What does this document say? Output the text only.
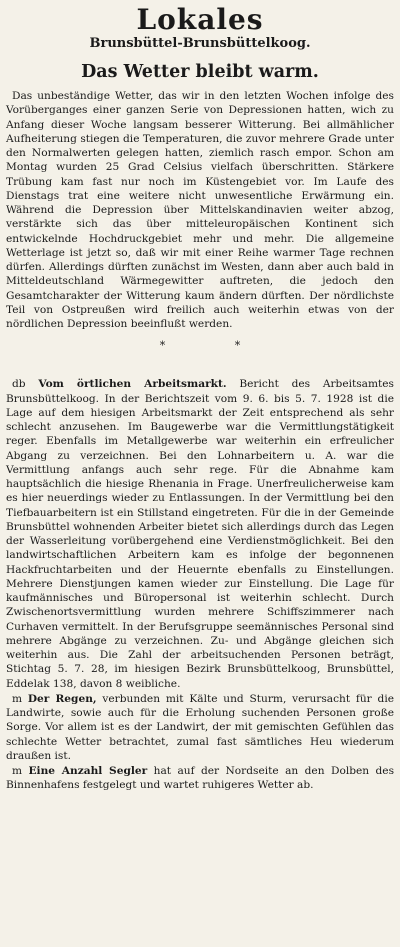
Lokales
Brunsbüttel-Brunsbüttelkoog.
Das Wetter bleibt warm.

Das unbeständige Wetter, das wir in den letzten Wochen infolge des Vorüberganges einer ganzen Serie von Depressionen hatten, wich zu Anfang dieser Woche langsam besserer Witterung. Bei allmählicher Aufheiterung stiegen die Temperaturen, die zuvor mehrere Grade unter den Normalwerten gelegen hatten, ziemlich rasch empor. Schon am Montag wurden 25 Grad Celsius vielfach überschritten. Stärkere Trübung kam fast nur noch im Küstengebiet vor. Im Laufe des Dienstags trat eine weitere nicht unwesentliche Erwärmung ein. Während die Depression über Mittelskandinavien weiter abzog, verstärkte sich das über mitteleuropäischen Kontinent sich entwickelnde Hochdruckgebiet mehr und mehr. Die allgemeine Wetterlage ist jetzt so, daß wir mit einer Reihe warmer Tage rechnen dürfen. Allerdings dürften zunächst im Westen, dann aber auch bald in Mitteldeutschland Wärmegewitter auftreten, die jedoch den Gesamtcharakter der Witterung kaum ändern dürften. Der nördlichste Teil von Ostpreußen wird freilich auch weiterhin etwas von der nördlichen Depression beeinflußt werden.

*	*

db Vom örtlichen Arbeitsmarkt. Bericht des Arbeitsamtes Brunsbüttelkoog. In der Berichtszeit vom 9. 6. bis 5. 7. 1928 ist die Lage auf dem hiesigen Arbeitsmarkt der Zeit entsprechend als sehr schlecht anzusehen. Im Baugewerbe war die Vermittlungstätigkeit reger. Ebenfalls im Metallgewerbe war weiterhin ein erfreulicher Abgang zu verzeichnen. Bei den Lohnarbeitern u. A. war die Vermittlung anfangs auch sehr rege. Für die Abnahme kam hauptsächlich die hiesige Rhenania in Frage. Unerfreulicherweise kam es hier neuerdings wieder zu Entlassungen. In der Vermittlung bei den Tiefbauarbeitern ist ein Stillstand eingetreten. Für die in der Gemeinde Brunsbüttel wohnenden Arbeiter bietet sich allerdings durch das Legen der Wasserleitung vorübergehend eine Verdienstmöglichkeit. Bei den landwirtschaftlichen Arbeitern kam es infolge der begonnenen Hackfruchtarbeiten und der Heuernte ebenfalls zu Einstellungen. Mehrere Dienstjungen kamen wieder zur Einstellung. Die Lage für kaufmännisches und Büropersonal ist weiterhin schlecht. Durch Zwischenortsvermittlung wurden mehrere Schiffszimmerer nach Curhaven vermittelt. In der Berufsgruppe seemännisches Personal sind mehrere Abgänge zu verzeichnen. Zu- und Abgänge gleichen sich weiterhin aus. Die Zahl der arbeitsuchenden Personen beträgt, Stichtag 5. 7. 28, im hiesigen Bezirk Brunsbüttelkoog, Brunsbüttel, Eddelak 138, davon 8 weibliche.

m Der Regen, verbunden mit Kälte und Sturm, verursacht für die Landwirte, sowie auch für die Erholung suchenden Personen große Sorge. Vor allem ist es der Landwirt, der mit gemischten Gefühlen das schlechte Wetter betrachtet, zumal fast sämtliches Heu wiederum draußen ist.

m Eine Anzahl Segler hat auf der Nordseite an den Dolben des Binnenhafens festgelegt und wartet ruhigeres Wetter ab.
